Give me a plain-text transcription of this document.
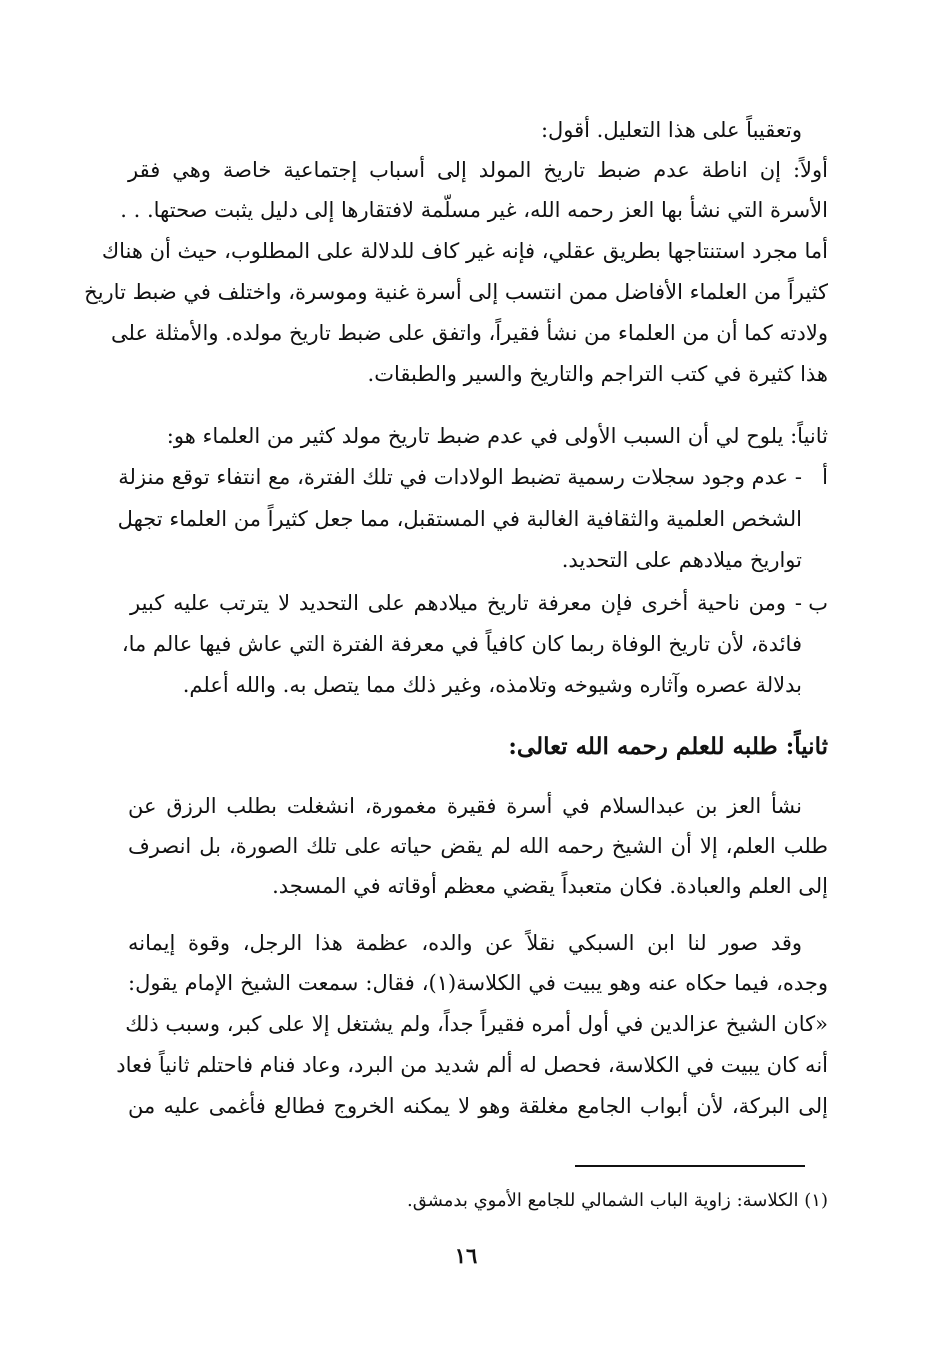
وتعقيباً على هذا التعليل. أقول:
أولاً: إن اناطة عدم ضبط تاريخ المولد إلى أسباب إجتماعية خاصة وهي فقر
الأسرة التي نشأ بها العز رحمه الله، غير مسلّمة لافتقارها إلى دليل يثبت صحتها. . .
أما مجرد استنتاجها بطريق عقلي، فإنه غير كاف للدلالة على المطلوب، حيث أن هناك
كثيراً من العلماء الأفاضل ممن انتسب إلى أسرة غنية وموسرة، واختلف في ضبط تاريخ
ولادته كما أن من العلماء من نشأ فقيراً، واتفق على ضبط تاريخ مولده. والأمثلة على
هذا كثيرة في كتب التراجم والتاريخ والسير والطبقات.
ثانياً: يلوح لي أن السبب الأولى في عدم ضبط تاريخ مولد كثير من العلماء هو:
أ
- عدم وجود سجلات رسمية تضبط الولادات في تلك الفترة، مع انتفاء توقع منزلة
الشخص العلمية والثقافية الغالبة في المستقبل، مما جعل كثيراً من العلماء تجهل
تواريخ ميلادهم على التحديد.
ب
- ومن ناحية أخرى فإن معرفة تاريخ ميلادهم على التحديد لا يترتب عليه كبير
فائدة، لأن تاريخ الوفاة ربما كان كافياً في معرفة الفترة التي عاش فيها عالم ما،
بدلالة عصره وآثاره وشيوخه وتلامذه، وغير ذلك مما يتصل به. والله أعلم.
ثانياً: طلبه للعلم رحمه الله تعالى:
نشأ العز بن عبدالسلام في أسرة فقيرة مغمورة، انشغلت بطلب الرزق عن
طلب العلم، إلا أن الشيخ رحمه الله لم يقض حياته على تلك الصورة، بل انصرف
إلى العلم والعبادة. فكان متعبداً يقضي معظم أوقاته في المسجد.
وقد صور لنا ابن السبكي نقلاً عن والده، عظمة هذا الرجل، وقوة إيمانه
وجده، فيما حكاه عنه وهو يبيت في الكلاسة(١)، فقال: سمعت الشيخ الإمام يقول:
«كان الشيخ عزالدين في أول أمره فقيراً جداً، ولم يشتغل إلا على كبر، وسبب ذلك
أنه كان يبيت في الكلاسة، فحصل له ألم شديد من البرد، وعاد فنام فاحتلم ثانياً فعاد
إلى البركة، لأن أبواب الجامع مغلقة وهو لا يمكنه الخروج فطالع فأغمى عليه من
(١) الكلاسة: زاوية الباب الشمالي للجامع الأموي بدمشق.
١٦
